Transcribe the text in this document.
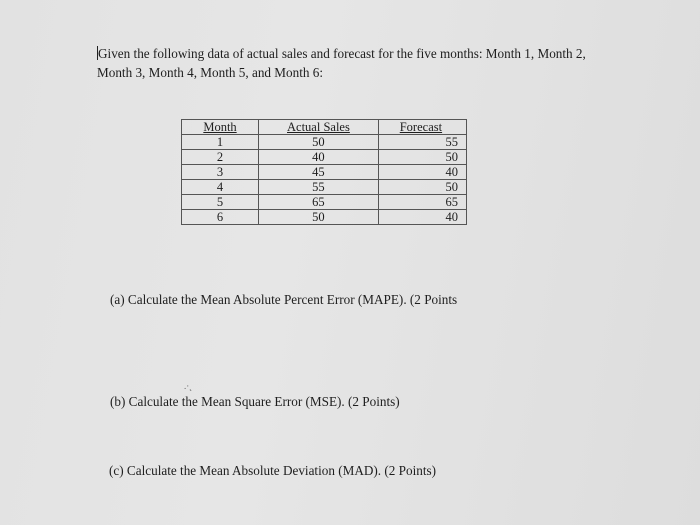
Given the following data of actual sales and forecast for the five months: Month 1, Month 2,
Month 3, Month 4, Month 5, and Month 6:
Month	Actual Sales	Forecast
1	50	55
2	40	50
3	45	40
4	55	50
5	65	65
6	50	40
(a) Calculate the Mean Absolute Percent Error (MAPE). (2 Points
.·˛
(b) Calculate the Mean Square Error (MSE). (2 Points)
(c) Calculate the Mean Absolute Deviation (MAD). (2 Points)
